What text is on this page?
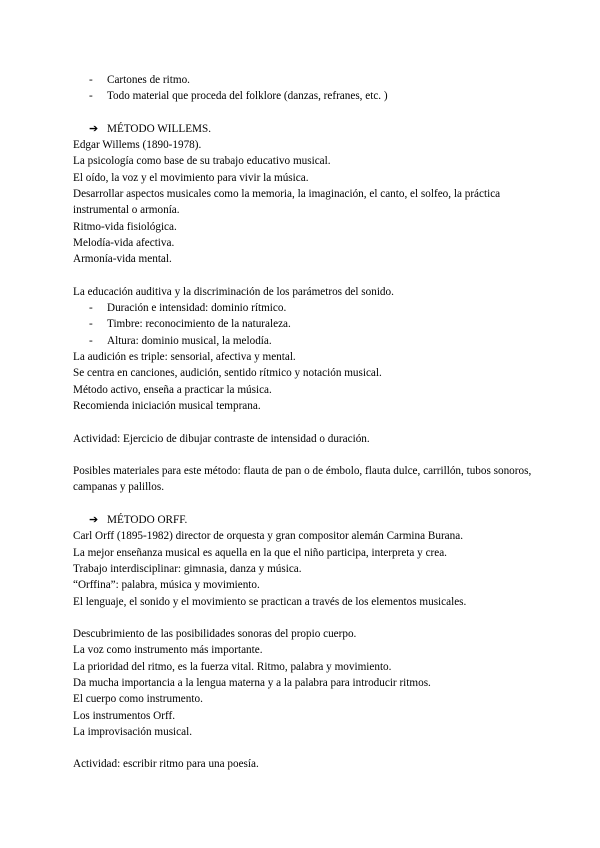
- Cartones de ritmo.
- Todo material que proceda del folklore (danzas, refranes, etc. )
➔ MÉTODO WILLEMS.
Edgar Willems (1890-1978).
La psicología como base de su trabajo educativo musical.
El oído, la voz y el movimiento para vivir la música.
Desarrollar aspectos musicales como la memoria, la imaginación, el canto, el solfeo, la práctica instrumental o armonía.
Ritmo-vida fisiológica.
Melodía-vida afectiva.
Armonía-vida mental.
La educación auditiva y la discriminación de los parámetros del sonido.
- Duración e intensidad: dominio rítmico.
- Timbre: reconocimiento de la naturaleza.
- Altura: dominio musical, la melodía.
La audición es triple: sensorial, afectiva y mental.
Se centra en canciones, audición, sentido rítmico y notación musical.
Método activo, enseña a practicar la música.
Recomienda iniciación musical temprana.
Actividad: Ejercicio de dibujar contraste de intensidad o duración.
Posibles materiales para este método: flauta de pan o de émbolo, flauta dulce, carrillón, tubos sonoros, campanas y palillos.
➔ MÉTODO ORFF.
Carl Orff (1895-1982) director de orquesta y gran compositor alemán Carmina Burana.
La mejor enseñanza musical es aquella en la que el niño participa, interpreta y crea.
Trabajo interdisciplinar: gimnasia, danza y música.
“Orffina”: palabra, música y movimiento.
El lenguaje, el sonido y el movimiento se practican a través de los elementos musicales.
Descubrimiento de las posibilidades sonoras del propio cuerpo.
La voz como instrumento más importante.
La prioridad del ritmo, es la fuerza vital. Ritmo, palabra y movimiento.
Da mucha importancia a la lengua materna y a la palabra para introducir ritmos.
El cuerpo como instrumento.
Los instrumentos Orff.
La improvisación musical.
Actividad: escribir ritmo para una poesía.
